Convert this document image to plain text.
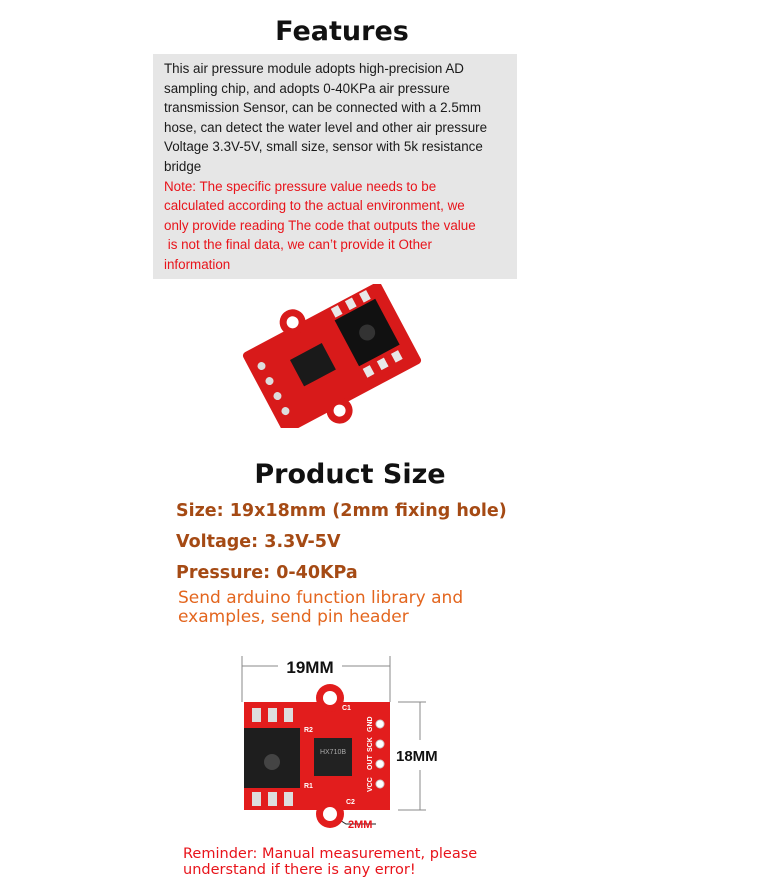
Features

This air pressure module adopts high-precision AD
sampling chip, and adopts 0-40KPa air pressure
transmission Sensor, can be connected with a 2.5mm
hose, can detect the water level and other air pressure
Voltage 3.3V-5V, small size, sensor with 5k resistance
bridge

Note: The specific pressure value needs to be
calculated according to the actual environment, we
only provide reading The code that outputs the value
is not the final data, we can’t provide it Other
information

Product Size
Size: 19x18mm (2mm fixing hole)
Voltage: 3.3V-5V
Pressure: 0-40KPa
Send arduino function library and
examples, send pin header
19MM
18MM
HX710B
VCC
OUT
SCK
GND
C1
C2
R1
R2
2MM
Reminder: Manual measurement, please
understand if there is any error!
